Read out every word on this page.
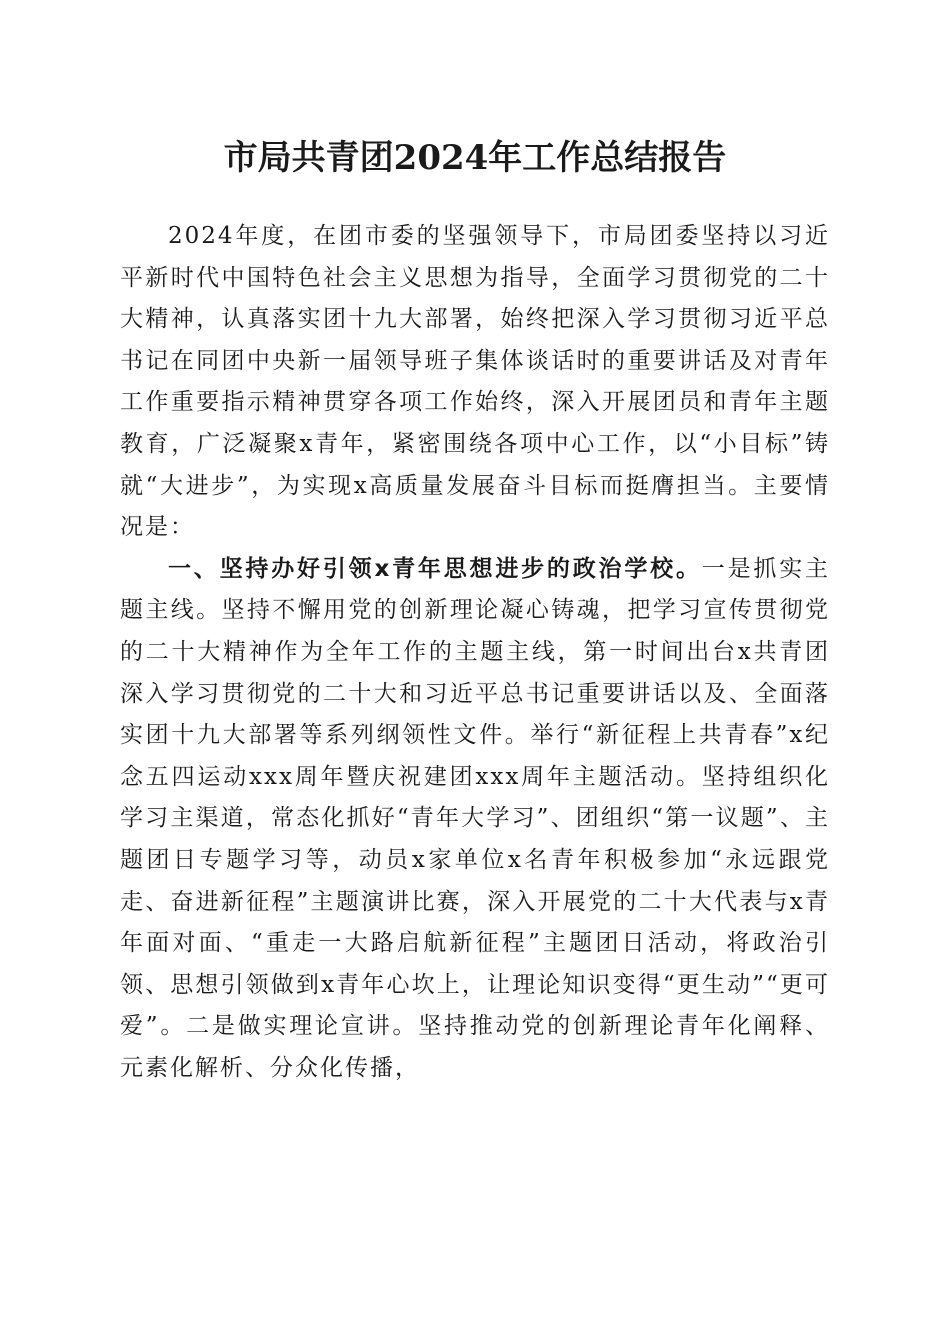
市局共青团2024年工作总结报告

2024年度，在团市委的坚强领导下，市局团委坚持以习近平新时代中国特色社会主义思想为指导，全面学习贯彻党的二十大精神，认真落实团十九大部署，始终把深入学习贯彻习近平总书记在同团中央新一届领导班子集体谈话时的重要讲话及对青年工作重要指示精神贯穿各项工作始终，深入开展团员和青年主题教育，广泛凝聚x青年，紧密围绕各项中心工作，以“小目标”铸就“大进步”，为实现x高质量发展奋斗目标而挺膺担当。主要情况是：

一、坚持办好引领x青年思想进步的政治学校。一是抓实主题主线。坚持不懈用党的创新理论凝心铸魂，把学习宣传贯彻党的二十大精神作为全年工作的主题主线，第一时间出台x共青团深入学习贯彻党的二十大和习近平总书记重要讲话以及、全面落实团十九大部署等系列纲领性文件。举行“新征程上共青春”x纪念五四运动xxx周年暨庆祝建团xxx周年主题活动。坚持组织化学习主渠道，常态化抓好“青年大学习”、团组织“第一议题”、主题团日专题学习等，动员x家单位x名青年积极参加“永远跟党走、奋进新征程”主题演讲比赛，深入开展党的二十大代表与x青年面对面、“重走一大路启航新征程”主题团日活动，将政治引领、思想引领做到x青年心坎上，让理论知识变得“更生动”“更可爱”。二是做实理论宣讲。坚持推动党的创新理论青年化阐释、元素化解析、分众化传播，
